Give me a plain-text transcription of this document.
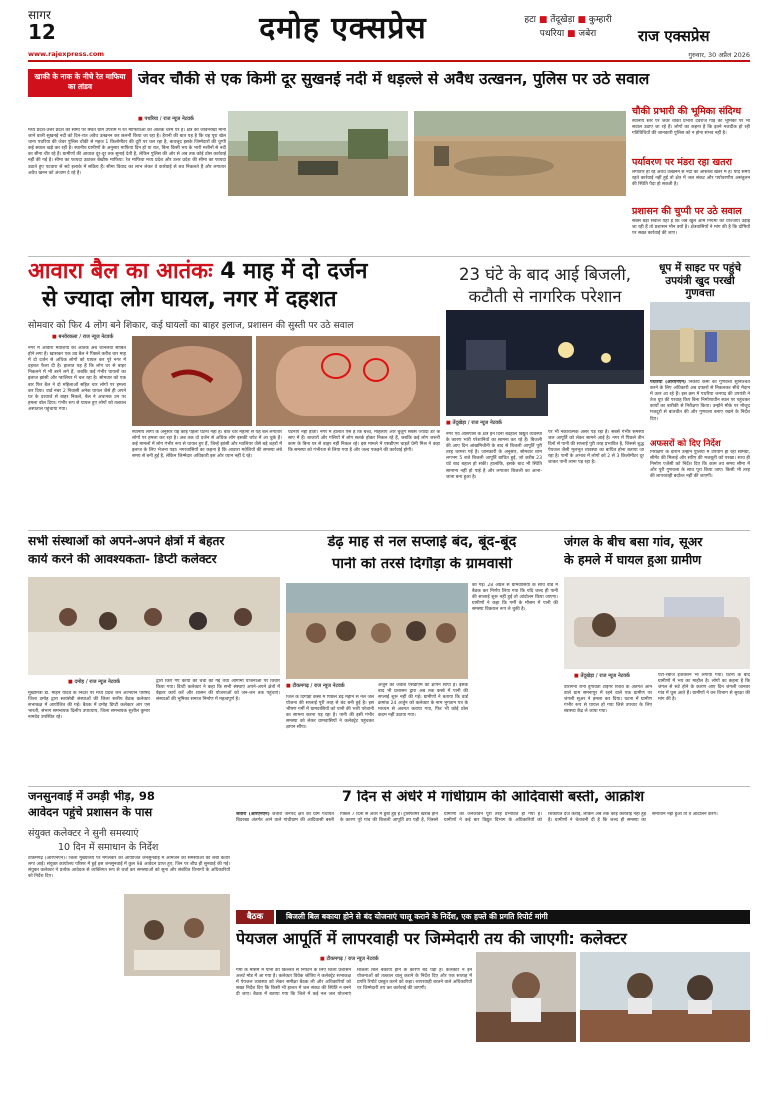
सागर
12	दमोह एक्सप्रेस	हटा ■ तेंदूखेड़ा ■ कुम्हारी
पथरिया ■ जबेरा	राज एक्सप्रेस
www.rajexpress.com	गुरुवार, 30 अप्रैल 2026
खाकी के नाक के नीचे रेत माफिया का तांडव	जेवर चौकी से एक किमी दूर सुखनई नदी में धड़ल्ले से अवैध उत्खनन, पुलिस पर उठे सवाल
■ पथरिया / राज न्यूज नेटवर्क
मध्य प्रदेश-उत्तर प्रदेश की सीमा पर स्थित ग्राम उपराम में रेत माफियाओं का आतंक चरम पर है। क्षेत्र की जीवनरेखा मानी जाने वाली सुखनई नदी को दिन-रात अवैध उत्खनन कर छलनी किया जा रहा है। हैरानी की बात यह है कि यह पूरा खेल थाना पथरिया की जेवर पुलिस चौकी से महज 1 किलोमीटर की दूरी पर चल रहा है, बावजूद इसके जिम्मेदारों की चुप्पी कई सवाल खड़े कर रही है। स्थानीय ग्रामीणों के अनुसार माफिया दिन हो या रात, बिना किसी भय के भारी मशीनों से नदी का सीना चीर रहे हैं। ग्रामीणों की आवाज दूर-दूर तक सुनाई देती है, लेकिन पुलिस की ओर से अब तक कोई ठोस कार्रवाई नहीं की गई है। सीमा का फायदा उठाकर बेखौफ माफिया: रेत माफिया मध्य प्रदेश और उत्तर प्रदेश की सीमा का फायदा उठाते हुए पटवारा से सटे इलाके में सक्रिय हैं। सीमा विवाद का लाभ लेकर वे कार्रवाई से बच निकलते हैं और लगातार अवैध खनन को अंजाम दे रहे हैं।
चौकी प्रभारी की भूमिका संदिग्ध
स्थानीय स्तर पर जेवर चौकी प्रभारी देवराज गौड़ की भूमिका पर भी सवाल उठाए जा रहे हैं। लोगों का कहना है कि इतने नजदीक हो रही गतिविधियों की जानकारी पुलिस को न होना संभव नहीं है।
पर्यावरण पर मंडरा रहा खतरा
लगातार हो रहे अवैध उत्खनन से नदी का अस्तित्व खतरे में है। यदि समय रहते कार्रवाई नहीं हुई तो क्षेत्र में जल संकट और पर्यावरणीय असंतुलन की स्थिति पैदा हो सकती है।
प्रशासन की चुप्पी पर उठे सवाल
सबसे बड़ा सवाल यही है कि जब खुले आम नियमों की धज्जियां उड़ाई जा रही हैं तो प्रशासन मौन क्यों है। क्षेत्रवासियों ने मांग की है कि दोषियों पर सख्त कार्रवाई की जाए।
आवारा बैल का आतंकः 4 माह में दो दर्जन
से ज्यादा लोग घायल, नगर में दहशत
सोमवार को फिर 4 लोग बने शिकार, कई घायलों का बाहर इलाज, प्रशासन की सुस्ती पर उठे सवाल
■ बनवेरकला / राज न्यूज नेटवर्क
नगर में आवारा मवेशियों का आतंक अब जानलेवा साबित होने लगा है। खासकर एक उग्र बैल ने पिछले करीब चार माह में दो दर्जन से अधिक लोगों को घायल कर पूरे नगर में दहशत फैला दी है। हालात यह हैं कि लोग घर से बाहर निकलने में भी डरने लगे हैं, जबकि कई गंभीर घायलों का इलाज झांसी और ग्वालियर में चल रहा है। सोमवार को एक बार फिर बैल ने दो महिलाओं सहित चार लोगों पर हमला कर दिया। वार्ड नंबर 2 निवासी अनेक घायल जैसे ही अपने घर के दरवाजे से बाहर निकले, बैल ने अचानक उन पर हमला बोल दिया। गंभीर रूप से घायल हुए लोगों को तत्काल अस्पताल पहुंचाया गया।
स्थानीय लोगों के अनुसार यह कोई पहली घटना नहीं है। बीते चार महीनों से यह बैल लगातार लोगों पर हमला कर रहा है। अब तक दो दर्जन से अधिक लोग इसकी चपेट में आ चुके हैं। कई मामलों में लोग गंभीर रूप से घायल हुए हैं, जिन्हें झांसी और ग्वालियर जैसे बड़े शहरों में इलाज के लिए भेजना पड़ा। नगरवासियों का कहना है कि आवारा मवेशियों की समस्या लंबे समय से बनी हुई है, लेकिन जिम्मेदार अधिकारी इस ओर ध्यान नहीं दे रहे।
घटनाएं नहीं होतीं। नगर में हालात ऐसे हैं कि बच्चे, महिलाएं और बुजुर्ग सबसे ज्यादा डर के साए में हैं। बाजारों और गलियों में लोग सतर्क होकर निकल रहे हैं, जबकि कई लोग जरूरी काम के बिना घर से बाहर नहीं निकल रहे। इस मामले में एसडीएम चाहतें प्रेमी मिश्र ने कहा कि समस्या को गंभीरता से लिया गया है और जल्द पकड़ने की कार्रवाई होगी।
23 घंटे के बाद आई बिजली,
कटौती से नागरिक परेशान
■ तेंदूखेड़ा / राज न्यूज नेटवर्क
नगर एवं आसपास के क्षेत्र इन दिनों बदहाल विद्युत व्यवस्था के कारण भारी परेशानियों का सामना कर रहे हैं। बिजली की आए दिन आंखमिचौनी के बाद से बिजली आपूर्ति पूरी तरह चरमरा गई है। जानकारी के अनुसार, सोमवार शाम लगभग 5 बजे बिजली आपूर्ति बाधित हुई, जो करीब 23 घंटे बाद बहाल हो सकी। हालांकि, इसके बाद भी स्थिति सामान्य नहीं हो पाई है और लगातार बिजली का आना-जाना बना हुआ है।
पर भी नकारात्मक असर पड़ रहा है। सबसे गंभीर समस्या जल आपूर्ति को लेकर सामने आई है। नगर में पिछले तीन दिनों से पानी की सप्लाई पूरी तरह प्रभावित है, जिससे शुद्ध पेयजल जैसी मूलभूत व्यवस्था का बाधित होना बताया जा रहा है। पानी के अभाव में लोगों को 2 से 3 किलोमीटर दूर जाकर पानी लाना पड़ रहा है।
धूप में साइट पर पहुंचे उपयंत्री खुद परखी गुणवत्ता
पथरिया (आरएनएन) निकाय कर्मी को गुणवत्ता सुनिश्चित करने के लिए अधिकारी अब दफ्तरों से निकलकर सीधे मैदान में उतर आ रहे हैं। इस क्रम में पथरिया जनपद की उपयंत्री ने तेज धूप की परवाह किए बिना निर्माणाधीन स्थल पर पहुंचकर कार्यों का बारीकी से निरीक्षण किया। उन्होंने मौके पर मौजूद मजदूरों से बातचीत की और गुणवत्ता बनाए रखने के निर्देश दिए।
अफसरों को दिए निर्देश
निरीक्षण के दौरान उन्होंने पुलिया में उपयोग हो रही सामग्री, सीमेंट की मिलाई और सरिए की मजबूती को परखा। साथ ही निर्माण एजेंसी को निर्देश दिए कि काम तय समय सीमा में और पूरी गुणवत्ता के साथ पूरा किया जाए। किसी भी तरह की लापरवाही बर्दाश्त नहीं की जाएगी।
सभी संस्थाओं को अपने-अपने क्षेत्रों में बेहतर
कार्य करने की आवश्यकता- डिप्टी कलेक्टर
■ दमोह / राज न्यूज नेटवर्क
मुख्यमंत्री डॉ. मोहन यादव के निर्देश पर मध्य प्रदेश जन अभियान परिषद जिला दमोह द्वारा स्वयंसेवी संस्थाओं की जिला स्तरीय बैठक कलेक्टर सभाकक्ष में आयोजित की गई। बैठक में दमोह डिप्टी कलेक्टर आर एस भारती, संभाग समन्वयक दिलीप उपाध्याय, जिला समन्वयक सुशील कुमार नामदेव उपस्थित रहे।
द्वारा किए गए कार्यों की चर्चा की गई तथा आगामी योजनाओं पर विचार किया गया। डिप्टी कलेक्टर ने कहा कि सभी संस्थाएं अपने-अपने क्षेत्रों में बेहतर कार्य करें और शासन की योजनाओं को जन-जन तक पहुंचाएं। संस्थाओं की भूमिका समाज निर्माण में महत्वपूर्ण है।
डेढ़ माह से नल सप्लाई बंद, बूंद-बूंद
पानी को तरसे दिगौड़ा के ग्रामवासी
■ टीकमगढ़ / राज न्यूज नेटवर्क
जिले के दिगौड़ा कस्बे में पिछले डेढ़ महीने से नल जल योजना की सप्लाई पूरी तरह से बंद बनी हुई है। इस भीषण गर्मी में ग्रामवासियों को पानी की भारी परेशानी का सामना करना पड़ रहा है। पानी की इसी गंभीर समस्या को लेकर ग्रामवासियों ने कलेक्ट्रेट पहुंचकर ज्ञापन सौंपा।
अर्जुन को जवाब एसडीएम को ज्ञापन सौंपा है। इसके बाद भी प्रशासन द्वारा अब तक कस्बे में पानी की सप्लाई शुरू नहीं की गई। ग्रामीणों ने बताया कि वार्ड क्रमांक 24 अर्जुन को कलेक्टर के नाम भुगतान पत्र के माध्यम से अवगत कराया गया, फिर भी कोई ठोस कदम नहीं उठाया गया।
की गई। 28 अप्रैल से ग्रामवासियों के साथ वार्ड में बैठक कर निर्णय लिया गया कि यदि जल्द ही पानी की सप्लाई शुरू नहीं हुई तो आंदोलन किया जाएगा। ग्रामीणों ने कहा कि गर्मी के मौसम में पानी की समस्या विकराल रूप ले चुकी है।
जंगल के बीच बसा गांव, सूअर
के हमले में घायल हुआ ग्रामीण
■ तेंदूखेड़ा / राज न्यूज नेटवर्क
वीरांगना रानी दुर्गावती टाइगर रिजर्व के अंतर्गत आने वाले ग्राम समनापुर में रहने वाले एक ग्रामीण पर जंगली सूअर ने हमला कर दिया। घटना में ग्रामीण गंभीर रूप से घायल हो गया जिसे उपचार के लिए स्वास्थ्य केंद्र ले जाया गया।
एंटी-रेबीज इंजेक्शन भी लगाया गया। घटना के बाद ग्रामीणों में भय का माहौल है। लोगों का कहना है कि जंगल से सटे होने के कारण आए दिन जंगली जानवर गांव में घुस आते हैं। ग्रामीणों ने वन विभाग से सुरक्षा की मांग की है।
जनसुनवाई में उमड़ी भीड़, 98
आवेदन पहुंचे प्रशासन के पास
संयुक्त कलेक्टर ने सुनी समस्याएं
10 दिन में समाधान के निर्देश
टीकमगढ़ (आरएनएन)। जिला मुख्यालय पर मंगलवार को आयोजित जनसुनवाई में आमजन की समस्याओं की लंबी कतार लगा आई। संयुक्त कार्यालय परिसर में हुई इस जनसुनवाई में कुल 98 आवेदन प्राप्त हुए, जिन पर शीघ्र ही सुनवाई की गई। संयुक्त कलेक्टर ने प्रत्येक आवेदक से व्यक्तिगत रूप से चर्चा कर समस्याओं को सुना और संबंधित विभागों के अधिकारियों को निर्देश दिए।
7 दिन से अंधेरे में गांधीग्राम की आदिवासी बस्ती, आक्रोश
जतारा (आरएनएन) जतारा जनपद क्षेत्र की ग्राम पंचायत बिदरखा अंतर्गत आने वाले गांधीग्राम की आदिवासी बस्ती पिछले 7 दिनों से अंधेरे में डूबी हुई है। ट्रांसफार्मर खराब होने के कारण पूरे गांव की बिजली आपूर्ति ठप पड़ी है, जिससे ग्रामीणों का जनजीवन पूरी तरह प्रभावित हो गया है। ग्रामीणों ने कई बार विद्युत विभाग के अधिकारियों को शिकायत दर्ज कराई, लेकिन अब तक कोई कार्रवाई नहीं हुई है। ग्रामीणों ने चेतावनी दी है कि जल्द ही समस्या का समाधान नहीं हुआ तो वे आंदोलन करेंगे।
बैठक	बिजली बिल बकाया होने से बंद योजनाएं चालू कराने के निर्देश, एक हफ्ते की प्रगति रिपोर्ट मांगी
पेयजल आपूर्ति में लापरवाही पर जिम्मेदारी तय की जाएगी: कलेक्टर
■ टीकमगढ़ / राज न्यूज नेटवर्क
गर्मी के मौसम में पानी की किल्लत से निपटने के लिए जिला प्रशासन अलर्ट मोड में आ गया है। कलेक्टर विवेक श्रोत्रिय ने कलेक्ट्रेट सभाकक्ष में पेयजल व्यवस्था को लेकर समीक्षा बैठक ली और अधिकारियों को सख्त निर्देश दिए कि किसी भी हालत में जल संकट की स्थिति न बनने दी जाए। बैठक में बताया गया कि जिले में कई नल जल योजनाएं बिजली बिल बकाया होने के कारण बंद पड़ी हैं। कलेक्टर ने इन योजनाओं को तत्काल चालू कराने के निर्देश दिए और एक सप्ताह में प्रगति रिपोर्ट प्रस्तुत करने को कहा। लापरवाही बरतने वाले अधिकारियों पर जिम्मेदारी तय कर कार्रवाई की जाएगी।
